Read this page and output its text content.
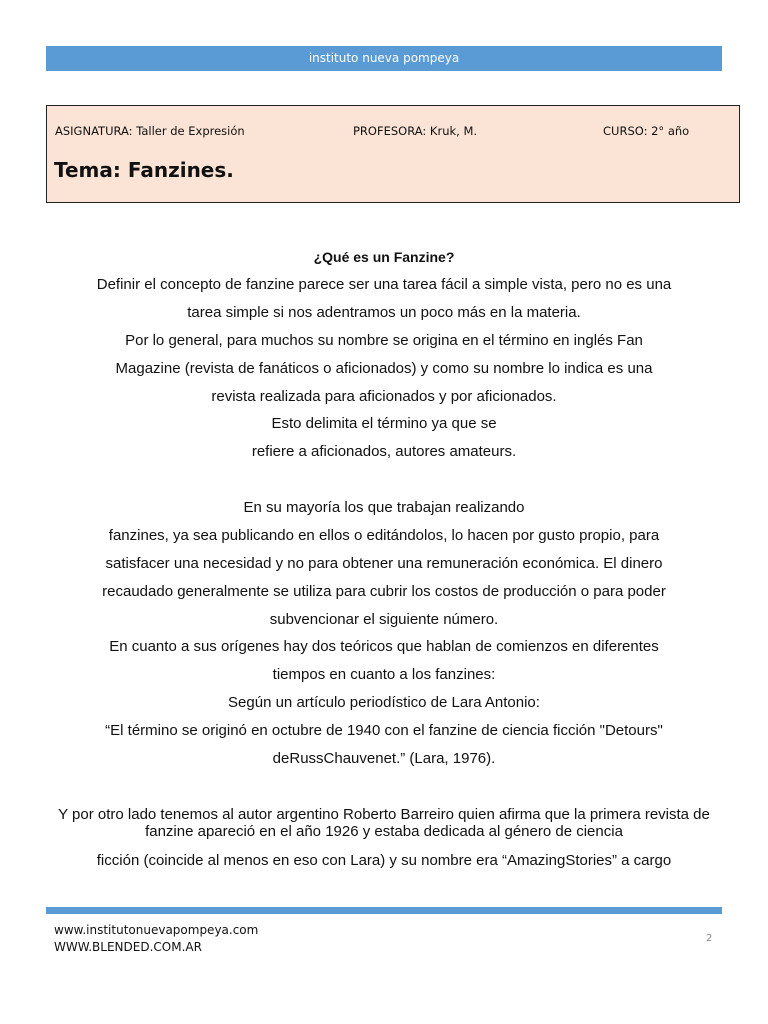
instituto nueva pompeya
ASIGNATURA: Taller de Expresión	PROFESORA: Kruk, M.	CURSO: 2° año
Tema: Fanzines.
¿Qué es un Fanzine?
Definir el concepto de fanzine parece ser una tarea fácil a simple vista, pero no es una
tarea simple si nos adentramos un poco más en la materia.
Por lo general, para muchos su nombre se origina en el término en inglés Fan
Magazine (revista de fanáticos o aficionados) y como su nombre lo indica es una
revista realizada para aficionados y por aficionados.
Esto delimita el término ya que se
refiere a aficionados, autores amateurs.
En su mayoría los que trabajan realizando
fanzines, ya sea publicando en ellos o editándolos, lo hacen por gusto propio, para
satisfacer una necesidad y no para obtener una remuneración económica. El dinero
recaudado generalmente se utiliza para cubrir los costos de producción o para poder
subvencionar el siguiente número.
En cuanto a sus orígenes hay dos teóricos que hablan de comienzos en diferentes
tiempos en cuanto a los fanzines:
Según un artículo periodístico de Lara Antonio:
“El término se originó en octubre de 1940 con el fanzine de ciencia ficción "Detours"
deRussChauvenet.” (Lara, 1976).
Y por otro lado tenemos al autor argentino Roberto Barreiro quien afirma que la primera revista de fanzine apareció en el año 1926 y estaba dedicada al género de ciencia
ficción (coincide al menos en eso con Lara) y su nombre era “AmazingStories” a cargo
www.institutonuevapompeya.com
WWW.BLENDED.COM.AR
2
